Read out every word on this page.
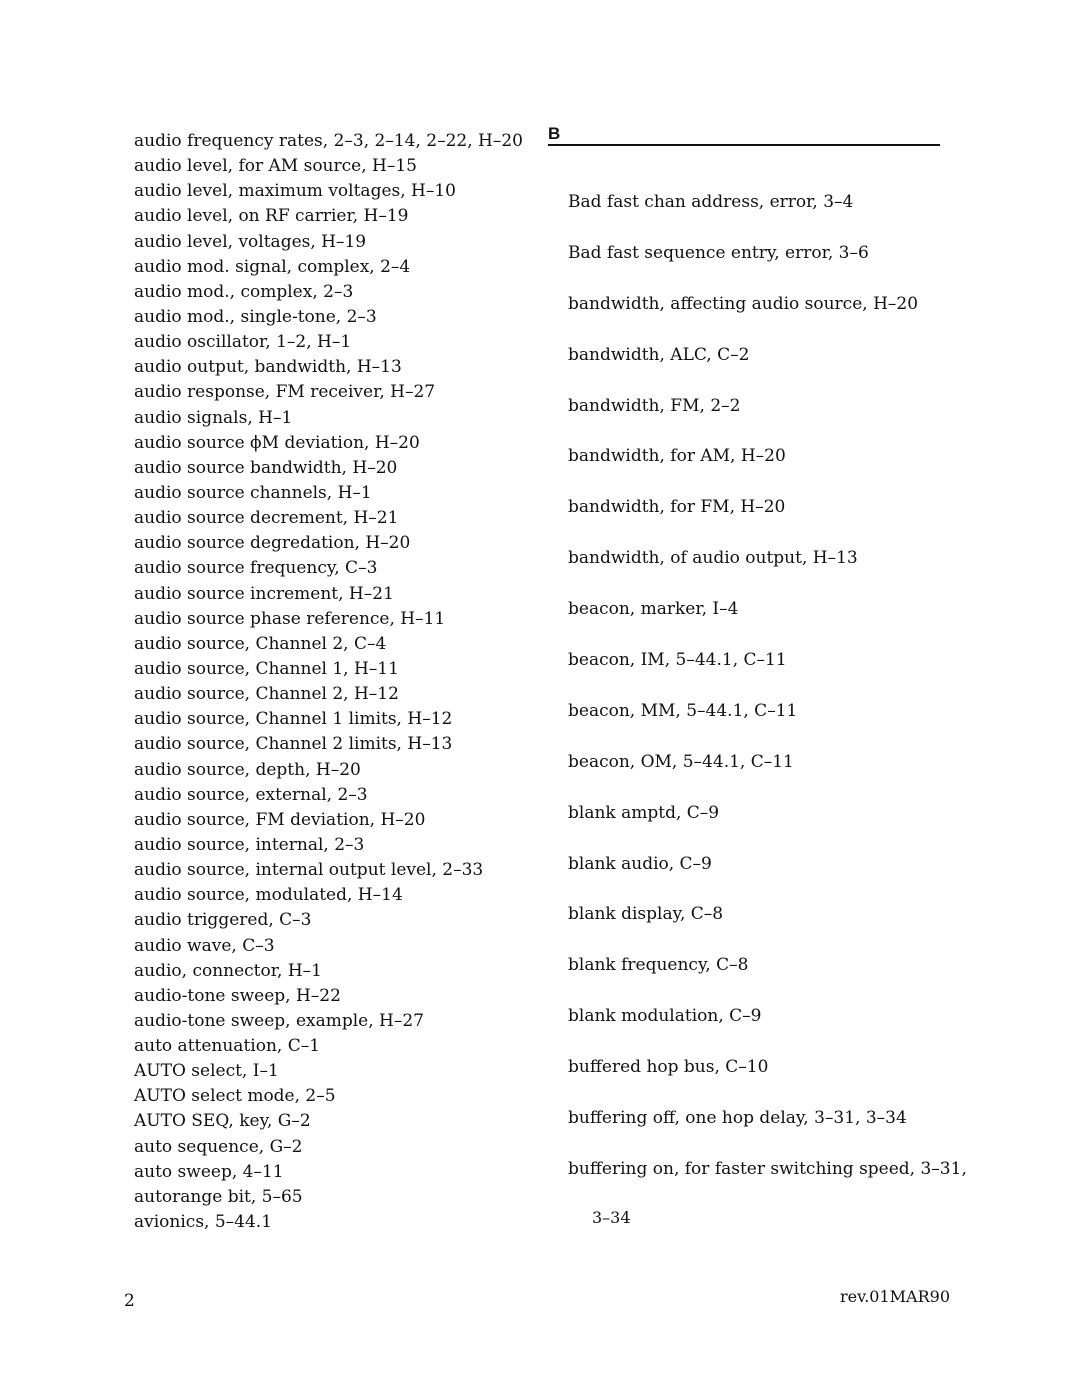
audio frequency rates, 2–3, 2–14, 2–22, H–20
audio level, for AM source, H–15
audio level, maximum voltages, H–10
audio level, on RF carrier, H–19
audio level, voltages, H–19
audio mod. signal, complex, 2–4
audio mod., complex, 2–3
audio mod., single-tone, 2–3
audio oscillator, 1–2, H–1
audio output, bandwidth, H–13
audio response, FM receiver, H–27
audio signals, H–1
audio source ϕM deviation, H–20
audio source bandwidth, H–20
audio source channels, H–1
audio source decrement, H–21
audio source degredation, H–20
audio source frequency, C–3
audio source increment, H–21
audio source phase reference, H–11
audio source, Channel 2, C–4
audio source, Channel 1, H–11
audio source, Channel 2, H–12
audio source, Channel 1 limits, H–12
audio source, Channel 2 limits, H–13
audio source, depth, H–20
audio source, external, 2–3
audio source, FM deviation, H–20
audio source, internal, 2–3
audio source, internal output level, 2–33
audio source, modulated, H–14
audio triggered, C–3
audio wave, C–3
audio, connector, H–1
audio-tone sweep, H–22
audio-tone sweep, example, H–27
auto attenuation, C–1
AUTO select, I–1
AUTO select mode, 2–5
AUTO SEQ, key, G–2
auto sequence, G–2
auto sweep, 4–11
autorange bit, 5–65
avionics, 5–44.1
B
Bad fast chan address, error, 3–4
Bad fast sequence entry, error, 3–6
bandwidth, affecting audio source, H–20
bandwidth, ALC, C–2
bandwidth, FM, 2–2
bandwidth, for AM, H–20
bandwidth, for FM, H–20
bandwidth, of audio output, H–13
beacon, marker, I–4
beacon, IM, 5–44.1, C–11
beacon, MM, 5–44.1, C–11
beacon, OM, 5–44.1, C–11
blank amptd, C–9
blank audio, C–9
blank display, C–8
blank frequency, C–8
blank modulation, C–9
buffered hop bus, C–10
buffering off, one hop delay, 3–31, 3–34
buffering on, for faster switching speed, 3–31,
3–34
2	rev.01MAR90
